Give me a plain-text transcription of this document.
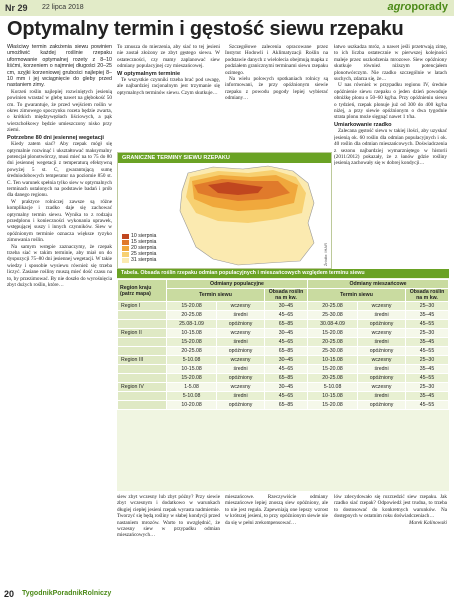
Nr 29 22 lipca 2018	agroporady
Optymalny termin i gęstość siewu rzepaku

Właściwy termin założenia siewu powinien umożliwić każdej roślinie rzepaku uformowanie optymalnej rozety z 8–10 liśćmi, korzeniem o najmniej długości 20–25 cm, szyjki korzeniowej grubości najlepiej 8–10 mm i jej wciągnięcie do gleby przed nastaniem zimy.

Korzeń roślin najlepiej rozwiniętych jesienią powinien wrastać w glebę nawet na głębokość 50 cm. To gwarantuje, że przed wejściem roślin w okres zimowego spoczynku rozeta będzie zwarta, o krótkich międzywęzłach liściowych, a pąk wierzchołkowy będzie umieszczony nisko przy ziemi.

Potrzebne 80 dni jesiennej wegetacji

Kiedy zatem siać? Aby rzepak mógł się optymalnie rozwinąć i ukształtować maksymalny potencjał plonotwórczy, musi mieć na to 75 do 80 dni jesiennej wegetacji z temperaturą efektywną powyżej 5 st. C, gwarantującą sumę średniodobowych temperatur na poziomie 850 st. C. Ten warunek spełnia tylko siew w optymalnych terminach ustalonych na podstawie badań i prób dla danego regionu.

W praktyce rolniczej zawsze są różne komplikacje i rzadko daje się zachować optymalny termin siewu. Wynika to z rodzaju przedplonu i konieczności wykonania uprawek, wstępującej suszy i innych czynników. Siew w opóźnionym terminie oznacza większe ryzyko zimowania roślin.

Na samym wstępie zaznaczymy, że rzepak trzeba siać w takim terminie, aby miał on do dyspozycji 75–80 dni jesiennej wegetacji. W takie wiedzy i sposobie wysiewu również się trzeba liczyć. Zasiane rośliny muszą mieć dość czasu na to, by przezimować. By nie doszło do wyrośnięcia zbyt dużych roślin, które…

To zmusza do mierzenia, aby siać to tej jesieni nie został złożony ze zbyt gęstego siewu. W ostateczności, czy mamy zaplanować siew odmiany populacyjnej czy mieszańcowej.

W optymalnym terminie

Te wszystkie czynniki trzeba brać pod uwagę, ale najbardziej racjonalnym jest trzymanie się optymalnych terminów siewu. Czym skutkuje…

Szczegółowe zalecenia opracowane przez Instytut Hodowli i Aklimatyzacji Roślin na podstawie danych z wielolecia obejmują mapka z podziałem granicznymi terminami siewu rzepaku ozimego.

Na wielu polowych spotkaniach rolnicy są informowani, że przy opóźnionym siewie rzepaku z powodu pogody lepiej wybierać odmiany…

łatwo uszkadza mróz, a nawet jeśli przetrwają zimę, to ich liczba ostatecznie w pierwszej kolejności maleje przez uszkodzenia mrozowe. Siew opóźniony skutkuje również niższym potencjałem plonotwórczym. Nie rzadko szczególnie w latach suchych, zdarza się, że…

U nas również w przypadku regionu IV, średnie opóźnienie siewu rzepaku o jeden dzień powoduje obniżkę plonu o 50–60 kg/ha. Przy opóźnieniu siewu o tydzień, rzepak plonuje już od 300 do 400 kg/ha niżej, a przy siewie opóźnionym o dwa tygodnie strata plonu może sięgnąć nawet 1 t/ha.

Umiarkowanie rzadko

Zalecana gęstość siewu w takiej ilości, aby uzyskać jesienią ok. 60 roślin dla odmian populacyjnych i ok. 40 roślin dla odmian mieszańcowych. Doświadczenia z sezonu najbardziej wymarzniętego w historii (2011/2012) pokazały, że z łanów gdzie rośliny jesienią zachowały się w dobrej kondycji…

GRANICZNE TERMINY SIEWU RZEPAKU
10 sierpnia
15 sierpnia
20 sierpnia
25 sierpnia
31 sierpnia	Źródło: IHAR
Tabela. Obsada roślin rzepaku odmian populacyjnych i mieszańcowych względem terminu siewu
Region kraju (patrz mapa)	Odmiany populacyjne			Odmiany mieszańcowe		
	Termin siewu		Obsada roślin na m kw.	Termin siewu		Obsada roślin na m kw.
Region I	15-20.08	wczesny	30–45	20-25.08	wczesny	25–30
	20-25.08	średni	45–65	25-30.08	średni	35–45
	25.08-1.09	opóźniony	65–85	30.08-4.09	opóźniony	45–55
Region II	10-15.08	wczesny	30–45	15-20.08	wczesny	25–30
	15-20.08	średni	45–65	20-25.08	średni	35–45
	20-25.08	opóźniony	65–85	25-30.08	opóźniony	45–55
Region III	5-10.08	wczesny	30–45	10-15.08	wczesny	25–30
	10-15.08	średni	45–65	15-20.08	średni	35–45
	15-20.08	opóźniony	65–85	20-25.08	opóźniony	45–55
Region IV	1-5.08	wczesny	30–45	5-10.08	wczesny	25–30
	5-10.08	średni	45–65	10-15.08	średni	35–45
	10-20.08	opóźniony	65–85	15-20.08	opóźniony	45–55

siew zbyt wczesny lub zbyt późny? Przy siewie zbyt wczesnym i dodatkowo w warunkach długiej ciepłej jesieni rzepak wyrasta nadmiernie. Tworzyć się będą rośliny w słabej kondycji przed nastaniem mrozów. Warto to uwzględnić, że wczesny siew w przypadku odmian mieszańcowych…

mieszańcowe. Rzeczywiście odmiany mieszańcowe lepiej znoszą siew opóźniony, ale to nie jest reguła. Zapewniają one lepszy wzrost w krótszej jesieni, to przy opóźnionym siewie nie da się w pełni zrekompensować…

lów zdecydowało się rozrzedzić siew rzepaku. Jak rzadko siać rzepak? Odpowiedź jest trudna, to trzeba to dostosować do konkretnych warunków. Na dostępnych w ostatnim roku doświadczeniach…

Marek Kalinowski

20 TygodnikPoradnikRolniczy
